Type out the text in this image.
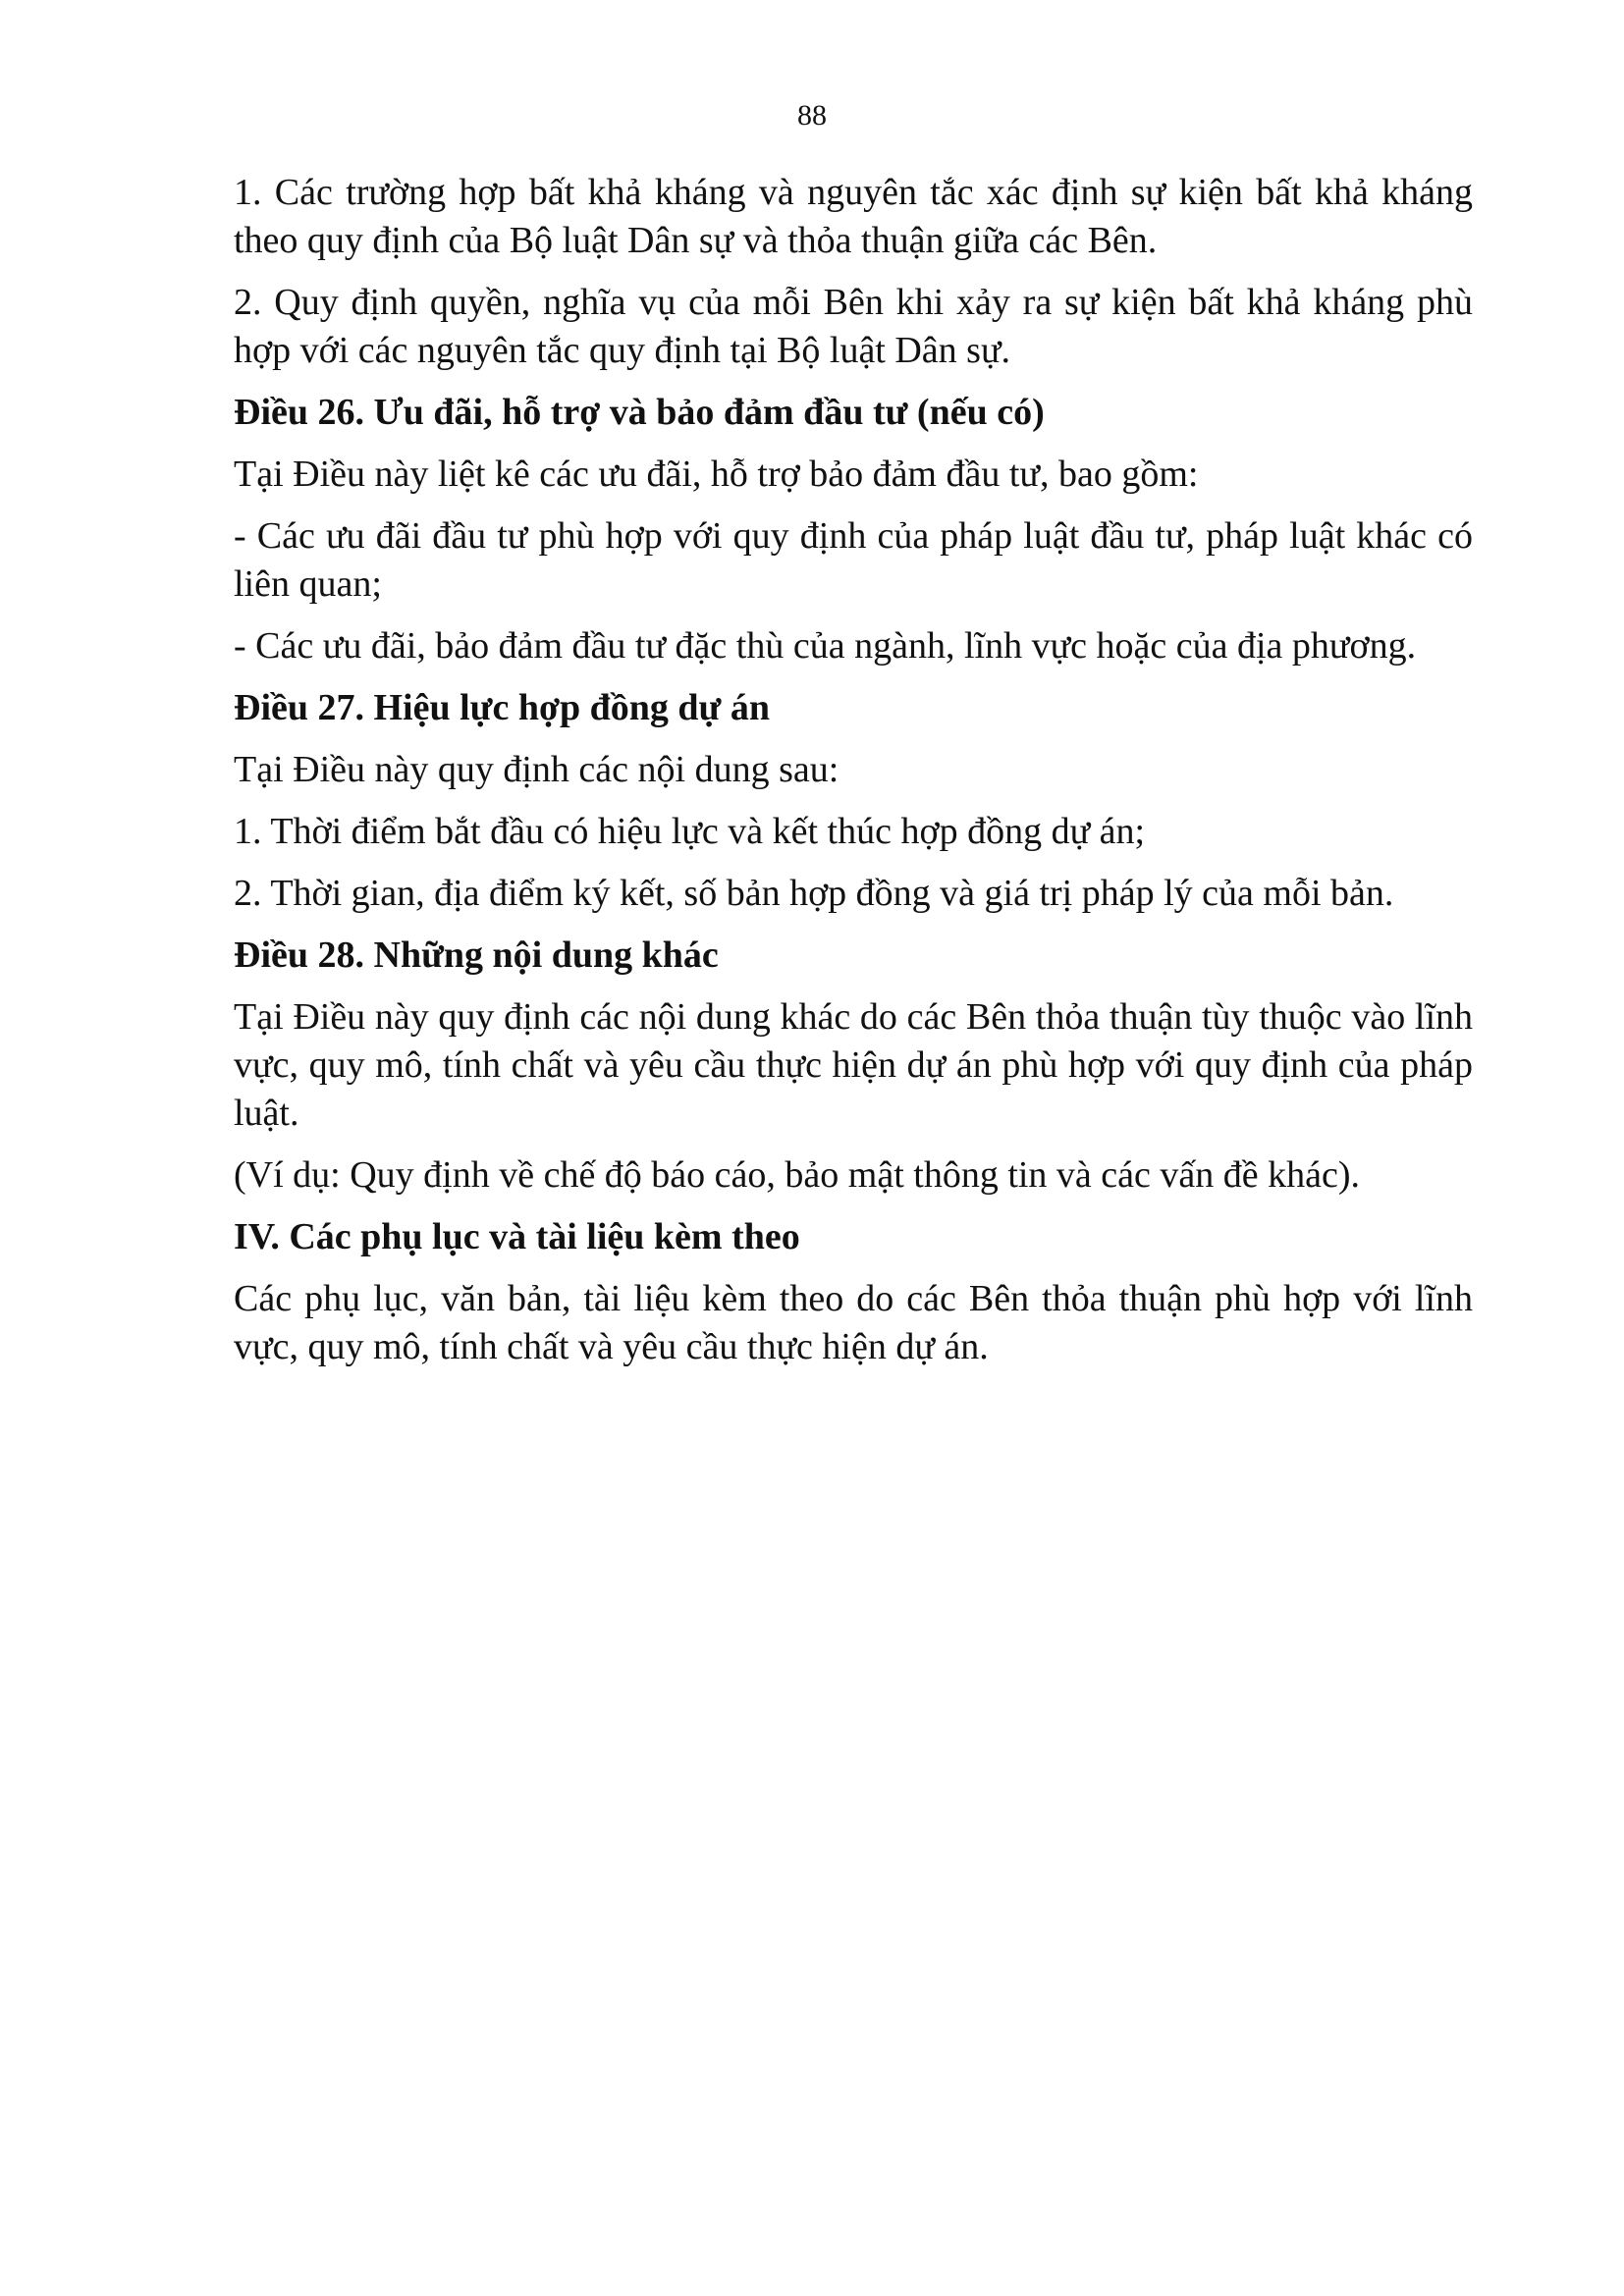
88

1. Các trường hợp bất khả kháng và nguyên tắc xác định sự kiện bất khả kháng theo quy định của Bộ luật Dân sự và thỏa thuận giữa các Bên.

2. Quy định quyền, nghĩa vụ của mỗi Bên khi xảy ra sự kiện bất khả kháng phù hợp với các nguyên tắc quy định tại Bộ luật Dân sự.

Điều 26. Ưu đãi, hỗ trợ và bảo đảm đầu tư (nếu có)

Tại Điều này liệt kê các ưu đãi, hỗ trợ bảo đảm đầu tư, bao gồm:

- Các ưu đãi đầu tư phù hợp với quy định của pháp luật đầu tư, pháp luật khác có liên quan;

- Các ưu đãi, bảo đảm đầu tư đặc thù của ngành, lĩnh vực hoặc của địa phương.

Điều 27. Hiệu lực hợp đồng dự án

Tại Điều này quy định các nội dung sau:

1. Thời điểm bắt đầu có hiệu lực và kết thúc hợp đồng dự án;

2. Thời gian, địa điểm ký kết, số bản hợp đồng và giá trị pháp lý của mỗi bản.

Điều 28. Những nội dung khác

Tại Điều này quy định các nội dung khác do các Bên thỏa thuận tùy thuộc vào lĩnh vực, quy mô, tính chất và yêu cầu thực hiện dự án phù hợp với quy định của pháp luật.

(Ví dụ: Quy định về chế độ báo cáo, bảo mật thông tin và các vấn đề khác).

IV. Các phụ lục và tài liệu kèm theo

Các phụ lục, văn bản, tài liệu kèm theo do các Bên thỏa thuận phù hợp với lĩnh vực, quy mô, tính chất và yêu cầu thực hiện dự án.
